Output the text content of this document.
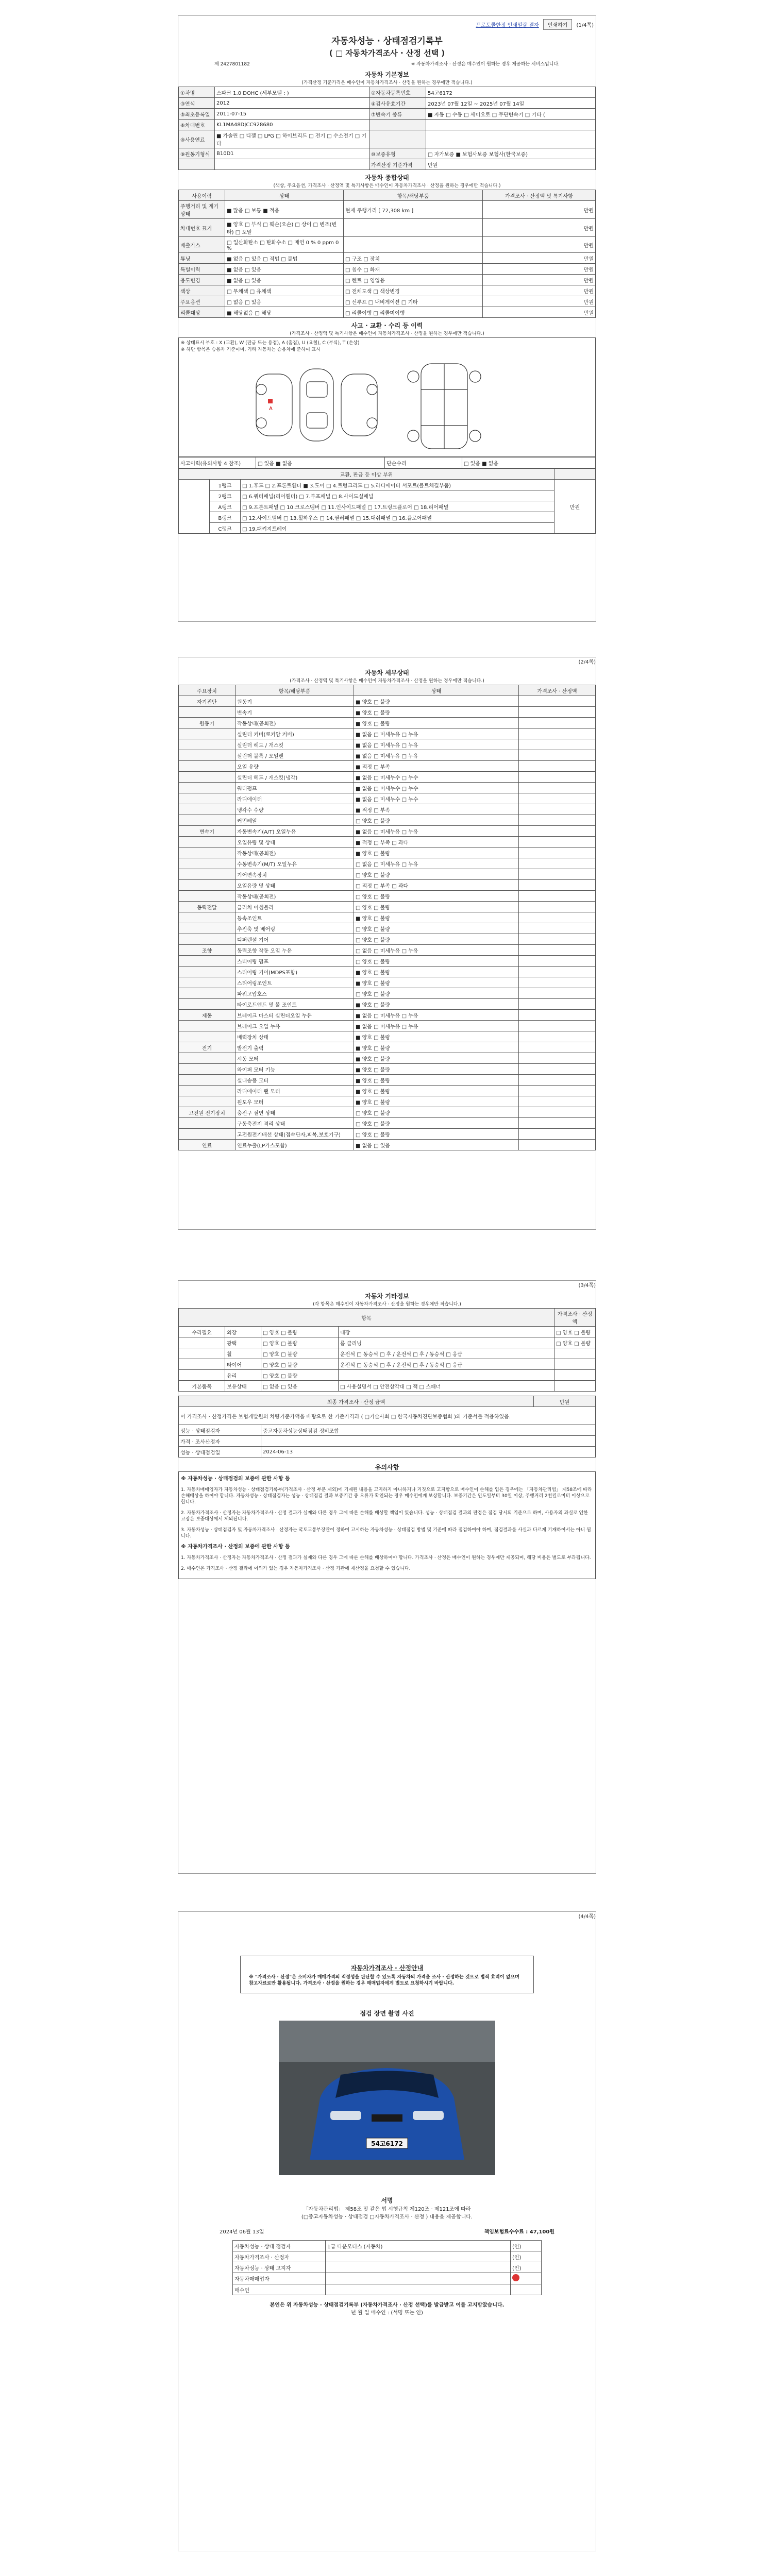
프로토콜한정 인쇄일람 결자	인쇄하기	(1/4쪽)
자동차성능 · 상태점검기록부
( □ 자동차가격조사 · 산정 선택 )
제 2427801182	※ 자동차가격조사 · 산정은 매수인이 원하는 경우 제공하는 서비스입니다.
자동차 기본정보
(가격산정 기준가격은 매수인이 자동차가격조사 · 산정을 원하는 경우에만 적습니다.)
①차명	스파크 1.0 DOHC (세부모델 : )	②자동차등록번호	54고6172
③연식	2012	④검사유효기간	2023년 07월 12일 ~ 2025년 07월 14일
⑤최초등록일	2011-07-15	⑦변속기 종류	■ 자동 □ 수동 □ 세미오토 □ 무단변속기 □ 기타 (
⑥차대번호	KL1MA48DJCC928680		
⑧사용연료	■ 가솔린 □ 디젤 □ LPG □ 하이브리드 □ 전기 □ 수소전기 □ 기타		
⑨원동기형식	B10D1	⑩보증유형	□ 자가보증 ■ 보험사보증 보험사(한국보증)
		가격산정 기준가격	만원
자동차 종합상태
(색상, 주요옵션, 가격조사 · 산정액 및 특기사항은 매수인이 자동차가격조사 · 산정을 원하는 경우에만 적습니다.)
사용이력	상태	항목/해당부품	가격조사 · 산정액 및 특기사항
주행거리 및 계기상태	■ 많음 □ 보통 ■ 적음	현재 주행거리 [ 72,308 km ]	만원
차대번호 표기	■ 양호 □ 부식 □ 훼손(오손) □ 상이 □ 변조(변타) □ 도말		만원
배출가스	□ 일산화탄소 □ 탄화수소 □ 매연 0 % 0 ppm 0 %		만원
튜닝	■ 없음 □ 있음 □ 적법 □ 불법	□ 구조 □ 장치	만원
특별이력	■ 없음 □ 있음	□ 침수 □ 화재	만원
용도변경	■ 없음 □ 있음	□ 렌트 □ 영업용	만원
색상	□ 무채색 □ 유채색	□ 전체도색 □ 색상변경	만원
주요옵션	□ 없음 □ 있음	□ 선루프 □ 내비게이션 □ 기타	만원
리콜대상	■ 해당없음 □ 해당	□ 리콜이행 □ 리콜미이행	만원
사고 · 교환 · 수리 등 이력
(가격조사 · 산정액 및 특기사항은 매수인이 자동차가격조사 · 산정을 원하는 경우에만 적습니다.)
※ 상태표시 부호 : X (교환), W (판금 또는 용접), A (흠집), U (요철), C (부식), T (손상)
※ 하단 항목은 승용차 기준이며, 기타 자동차는 승용차에 준하여 표시
A
사고이력(유의사항 4 참조)	□ 있음 ■ 없음	단순수리	□ 있음 ■ 없음
교환, 판금 등 이상 부위			
	1랭크	□ 1.후드 □ 2.프론트휀더 ■ 3.도어 □ 4.트렁크리드 □ 5.라디에이터 서포트(볼트체결부품)	만원
	2랭크	□ 6.쿼터패널(리어휀더) □ 7.루프패널 □ 8.사이드실패널	
	A랭크	□ 9.프론트패널 □ 10.크로스멤버 □ 11.인사이드패널 □ 17.트렁크플로어 □ 18.리어패널	
	B랭크	□ 12.사이드멤버 □ 13.휠하우스 □ 14.필러패널 □ 15.대쉬패널 □ 16.플로어패널	
	C랭크	□ 19.패키지트레이	
(2/4쪽)
자동차 세부상태
(가격조사 · 산정액 및 특기사항은 매수인이 자동차가격조사 · 산정을 원하는 경우에만 적습니다.)
주요장치	항목/해당부품	상태	가격조사 · 산정액
자기진단	원동기	■ 양호 □ 불량	
	변속기	■ 양호 □ 불량	
원동기	작동상태(공회전)	■ 양호 □ 불량	
	실린더 커버(로커암 커버)	■ 없음 □ 미세누유 □ 누유	
	실린더 헤드 / 개스킷	■ 없음 □ 미세누유 □ 누유	
	실린더 블록 / 오일팬	■ 없음 □ 미세누유 □ 누유	
	오일 유량	■ 적정 □ 부족	
	실린더 헤드 / 개스킷(냉각)	■ 없음 □ 미세누수 □ 누수	
	워터펌프	■ 없음 □ 미세누수 □ 누수	
	라디에이터	■ 없음 □ 미세누수 □ 누수	
	냉각수 수량	■ 적정 □ 부족	
	커먼레일	□ 양호 □ 불량	
변속기	자동변속기(A/T) 오일누유	■ 없음 □ 미세누유 □ 누유	
	오일유량 및 상태	■ 적정 □ 부족 □ 과다	
	작동상태(공회전)	■ 양호 □ 불량	
	수동변속기(M/T) 오일누유	□ 없음 □ 미세누유 □ 누유	
	기어변속장치	□ 양호 □ 불량	
	오일유량 및 상태	□ 적정 □ 부족 □ 과다	
	작동상태(공회전)	□ 양호 □ 불량	
동력전달	클러치 어셈블리	□ 양호 □ 불량	
	등속조인트	■ 양호 □ 불량	
	추진축 및 베어링	□ 양호 □ 불량	
	디퍼렌셜 기어	□ 양호 □ 불량	
조향	동력조향 작동 오일 누유	□ 없음 □ 미세누유 □ 누유	
	스티어링 펌프	□ 양호 □ 불량	
	스티어링 기어(MDPS포함)	■ 양호 □ 불량	
	스티어링조인트	■ 양호 □ 불량	
	파워고압호스	□ 양호 □ 불량	
	타이로드엔드 및 볼 조인트	■ 양호 □ 불량	
제동	브레이크 마스터 실린더오일 누유	■ 없음 □ 미세누유 □ 누유	
	브레이크 오일 누유	■ 없음 □ 미세누유 □ 누유	
	배력장치 상태	■ 양호 □ 불량	
전기	발전기 출력	■ 양호 □ 불량	
	시동 모터	■ 양호 □ 불량	
	와이퍼 모터 기능	■ 양호 □ 불량	
	실내송풍 모터	■ 양호 □ 불량	
	라디에이터 팬 모터	■ 양호 □ 불량	
	윈도우 모터	■ 양호 □ 불량	
고전원 전기장치	충전구 절연 상태	□ 양호 □ 불량	
	구동축전지 격리 상태	□ 양호 □ 불량	
	고전원전기배선 상태(접속단자,피복,보호기구)	□ 양호 □ 불량	
연료	연료누출(LP가스포함)	■ 없음 □ 있음	
(3/4쪽)
자동차 기타정보
(각 항목은 매수인이 자동차가격조사 · 산정을 원하는 경우에만 적습니다.)
항목				가격조사 · 산정액
수리필요	외장	□ 양호 □ 불량	내장	□ 양호 □ 불량
	광택	□ 양호 □ 불량	룸 클리닝	□ 양호 □ 불량
	휠	□ 양호 □ 불량	운전석 □ 동승석 □ 후 / 운전석 □ 후 / 동승석 □ 응급	
	타이어	□ 양호 □ 불량	운전석 □ 동승석 □ 후 / 운전석 □ 후 / 동승석 □ 응급	
	유리	□ 양호 □ 불량		
기본품목	보유상태	□ 없음 □ 있음	□ 사용설명서 □ 안전삼각대 □ 잭 □ 스패너	
최종 가격조사 · 산정 금액		만원
이 가격조사 · 산정가격은 보험개발원의 차량기준가액을 바탕으로 한 기준가격과 ( □기술사회 □ 한국자동차진단보증협회 )의 기준서를 적용하였음.		
성능 · 상태점검자	중고자동차성능상태점검 정비조합	
가격 · 조사산정자		
성능 · 상태점검일	2024-06-13	
유의사항
※ 자동차성능 · 상태점검의 보증에 관한 사항 등

1. 자동차매매업자가 자동차성능 · 상태점검기록부(가격조사 · 산정 부분 제외)에 기재된 내용을 고지하지 아니하거나 거짓으로 고지함으로 매수인이 손해를 입은 경우에는 「자동차관리법」 제58조에 따라 손해배상을 하여야 합니다. 자동차성능 · 상태점검자는 성능 · 상태점검 결과 보증기간 중 오류가 확인되는 경우 매수인에게 보상합니다. 보증기간은 인도일부터 30일 이상, 주행거리 2천킬로미터 이상으로 합니다.

2. 자동차가격조사 · 산정자는 자동차가격조사 · 산정 결과가 실제와 다른 경우 그에 따른 손해를 배상할 책임이 있습니다. 성능 · 상태점검 결과의 판정은 점검 당시의 기준으로 하며, 사용자의 과실로 인한 고장은 보증대상에서 제외됩니다.

3. 자동차성능 · 상태점검자 및 자동차가격조사 · 산정자는 국토교통부장관이 정하여 고시하는 자동차성능 · 상태점검 방법 및 기준에 따라 점검하여야 하며, 점검결과를 사실과 다르게 기재하여서는 아니 됩니다.

※ 자동차가격조사 · 산정의 보증에 관한 사항 등

1. 자동차가격조사 · 산정자는 자동차가격조사 · 산정 결과가 실제와 다른 경우 그에 따른 손해를 배상하여야 합니다. 가격조사 · 산정은 매수인이 원하는 경우에만 제공되며, 해당 비용은 별도로 부과됩니다.

2. 매수인은 가격조사 · 산정 결과에 이의가 있는 경우 자동차가격조사 · 산정 기관에 재산정을 요청할 수 있습니다.

(4/4쪽)
자동차가격조사 · 산정안내
※ "가격조사 · 산정"은 소비자가 매매가격의 적정성을 판단할 수 있도록 자동차의 가격을 조사 · 산정하는 것으로 법적 효력이 없으며 참고자료로만 활용됩니다. 가격조사 · 산정을 원하는 경우 매매업자에게 별도로 요청하시기 바랍니다.
점검 장면 촬영 사진
54고6172
서명
「자동차관리법」 제58조 및 같은 법 시행규칙 제120조 · 제121조에 따라
(□중고자동차성능 · 상태점검 □자동차가격조사 · 산정 ) 내용을 제공합니다.
2024년 06월 13일	책임보험료수수료 : 47,100원
자동차성능 · 상태 점검자	1급 다운모터스 (자동차)	(인)
자동차가격조사 · 산정자		(인)
자동차성능 · 상태 고지자		(인)
자동차매매업자		
매수인		
본인은 위 자동차성능 · 상태점검기록부 (자동차가격조사 · 산정 선택)를 발급받고 이를 고지받았습니다.
년 월 일 매수인 : (서명 또는 인)
